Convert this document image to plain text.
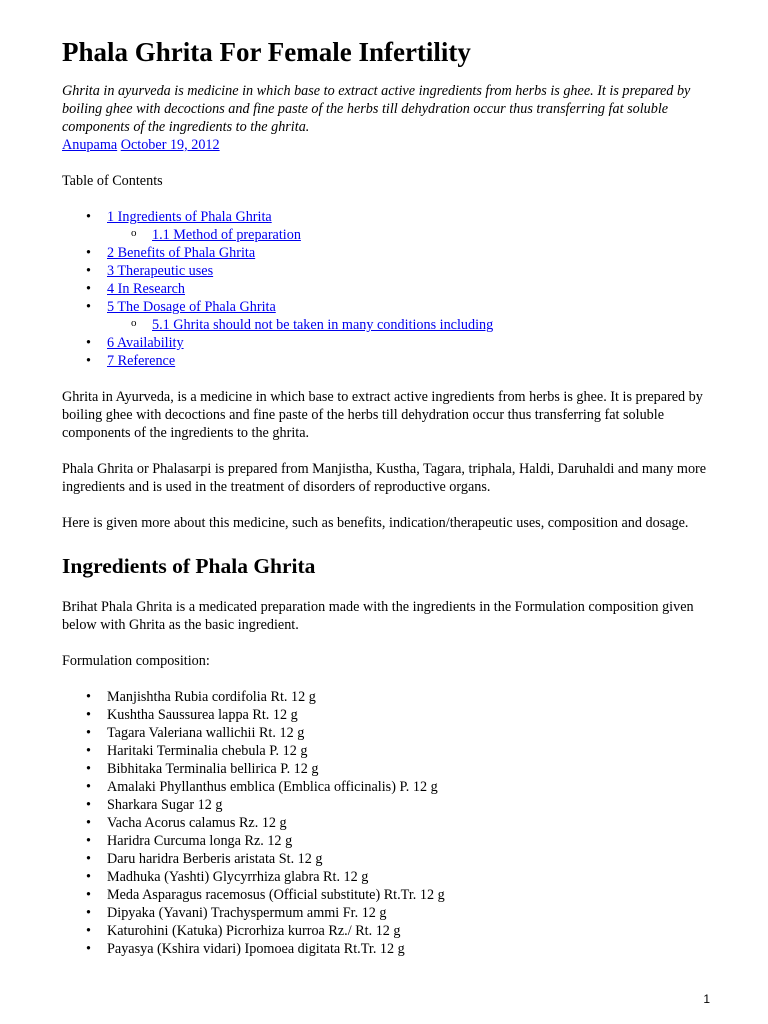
Phala Ghrita For Female Infertility

Ghrita in ayurveda is medicine in which base to extract active ingredients from herbs is ghee. It is prepared by boiling ghee with decoctions and fine paste of the herbs till dehydration occur thus transferring fat soluble components of the ingredients to the ghrita.

Anupama October 19, 2012

Table of Contents

• 1 Ingredients of Phala Ghrita
o 1.1 Method of preparation
• 2 Benefits of Phala Ghrita
• 3 Therapeutic uses
• 4 In Research
• 5 The Dosage of Phala Ghrita
o 5.1 Ghrita should not be taken in many conditions including
• 6 Availability
• 7 Reference

Ghrita in Ayurveda, is a medicine in which base to extract active ingredients from herbs is ghee. It is prepared by boiling ghee with decoctions and fine paste of the herbs till dehydration occur thus transferring fat soluble components of the ingredients to the ghrita.

Phala Ghrita or Phalasarpi is prepared from Manjistha, Kustha, Tagara, triphala, Haldi, Daruhaldi and many more ingredients and is used in the treatment of disorders of reproductive organs.

Here is given more about this medicine, such as benefits, indication/therapeutic uses, composition and dosage.

Ingredients of Phala Ghrita

Brihat Phala Ghrita is a medicated preparation made with the ingredients in the Formulation composition given below with Ghrita as the basic ingredient.

Formulation composition:

• Manjishtha Rubia cordifolia Rt. 12 g
• Kushtha Saussurea lappa Rt. 12 g
• Tagara Valeriana wallichii Rt. 12 g
• Haritaki Terminalia chebula P. 12 g
• Bibhitaka Terminalia bellirica P. 12 g
• Amalaki Phyllanthus emblica (Emblica officinalis) P. 12 g
• Sharkara Sugar 12 g
• Vacha Acorus calamus Rz. 12 g
• Haridra Curcuma longa Rz. 12 g
• Daru haridra Berberis aristata St. 12 g
• Madhuka (Yashti) Glycyrrhiza glabra Rt. 12 g
• Meda Asparagus racemosus (Official substitute) Rt.Tr. 12 g
• Dipyaka (Yavani) Trachyspermum ammi Fr. 12 g
• Katurohini (Katuka) Picrorhiza kurroa Rz./ Rt. 12 g
• Payasya (Kshira vidari) Ipomoea digitata Rt.Tr. 12 g
1
